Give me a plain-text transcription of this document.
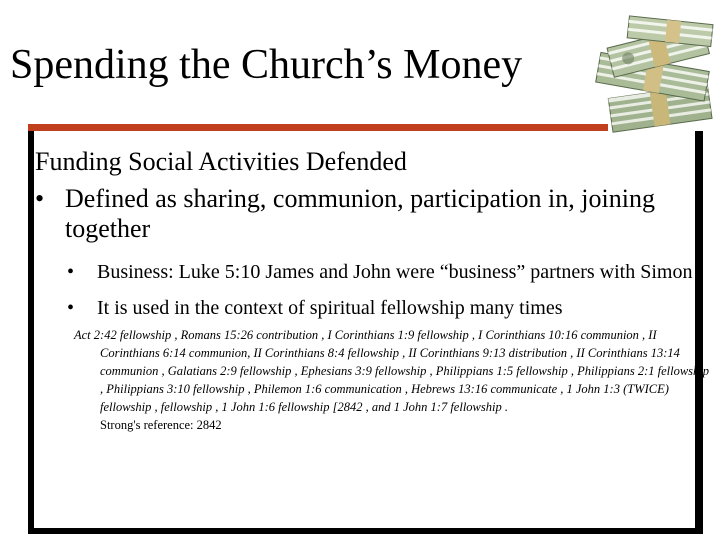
Spending the Church’s Money
Funding Social Activities Defended
• Defined as sharing, communion, participation in, joining together
• Business: Luke 5:10 James and John were “business” partners with Simon
• It is used in the context of spiritual fellowship many times
Act 2:42 fellowship , Romans 15:26 contribution , I Corinthians 1:9 fellowship , I Corinthians 10:16 communion , II Corinthians 6:14 communion, II Corinthians 8:4 fellowship , II Corinthians 9:13 distribution , II Corinthians 13:14 communion , Galatians 2:9 fellowship , Ephesians 3:9 fellowship , Philippians 1:5 fellowship , Philippians 2:1 fellowship , Philippians 3:10 fellowship , Philemon 1:6 communication , Hebrews 13:16 communicate , 1 John 1:3 (TWICE) fellowship , fellowship , 1 John 1:6 fellowship [2842 , and 1 John 1:7 fellowship .
Strong's reference: 2842
